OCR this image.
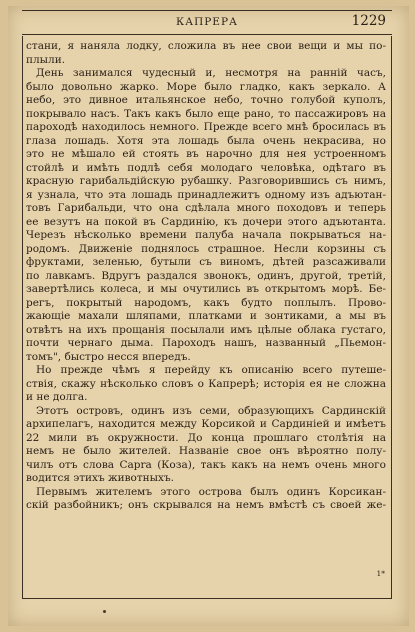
КАПРЕРА	1229
стани, я наняла лодку, сложила въ нее свои вещи и мы по-
плыли.
День занимался чудесный и, несмотря на раннiй часъ,
было довольно жарко. Море было гладко, какъ зеркало. А
небо, это дивное итальянское небо, точно голубой куполъ,
покрывало насъ. Такъ какъ было еще рано, то пассажировъ на
пароходѣ находилось немного. Прежде всего мнѣ бросилась въ
глаза лошадь. Хотя эта лошадь была очень некрасива, но
это не мѣшало ей стоять въ нарочно для нея устроенномъ
стойлѣ и имѣть подлѣ себя молодаго человѣка, одѣтаго въ
красную гарибальдiйскую рубашку. Разговорившись съ нимъ,
я узнала, что эта лошадь принадлежитъ одному изъ адъютан-
товъ Гарибальди, что она сдѣлала много походовъ и теперь
ее везутъ на покой въ Сардинiю, къ дочери этого адъютанта.
Черезъ нѣсколько времени палуба начала покрываться на-
родомъ. Движенiе поднялось страшное. Несли корзины съ
фруктами, зеленью, бутыли съ виномъ, дѣтей разсаживали
по лавкамъ. Вдругъ раздался звонокъ, одинъ, другой, третiй,
завертѣлись колеса, и мы очутились въ открытомъ морѣ. Бе-
регъ, покрытый народомъ, какъ будто поплылъ. Прово-
жающiе махали шляпами, платками и зонтиками, а мы въ
отвѣтъ на ихъ прощанiя посылали имъ цѣлые облака густаго,
почти чернаго дыма. Пароходъ нашъ, названный „Пьемон-
томъ", быстро несся впередъ.
Но прежде чѣмъ я перейду къ описанiю всего путеше-
ствiя, скажу нѣсколько словъ о Капрерѣ; исторiя ея не сложна
и не долга.
Этотъ островъ, одинъ изъ семи, образующихъ Сардинскiй
архипелагъ, находится между Корсикой и Сардинiей и имѣетъ
22 мили въ окружности. До конца прошлаго столѣтiя на
немъ не было жителей. Названiе свое онъ вѣроятно полу-
чилъ отъ слова Capra (Коза), такъ какъ на немъ очень много
водится этихъ животныхъ.
Первымъ жителемъ этого острова былъ одинъ Корсикан-
скiй разбойникъ; онъ скрывался на немъ вмѣстѣ съ своей же-
1*
